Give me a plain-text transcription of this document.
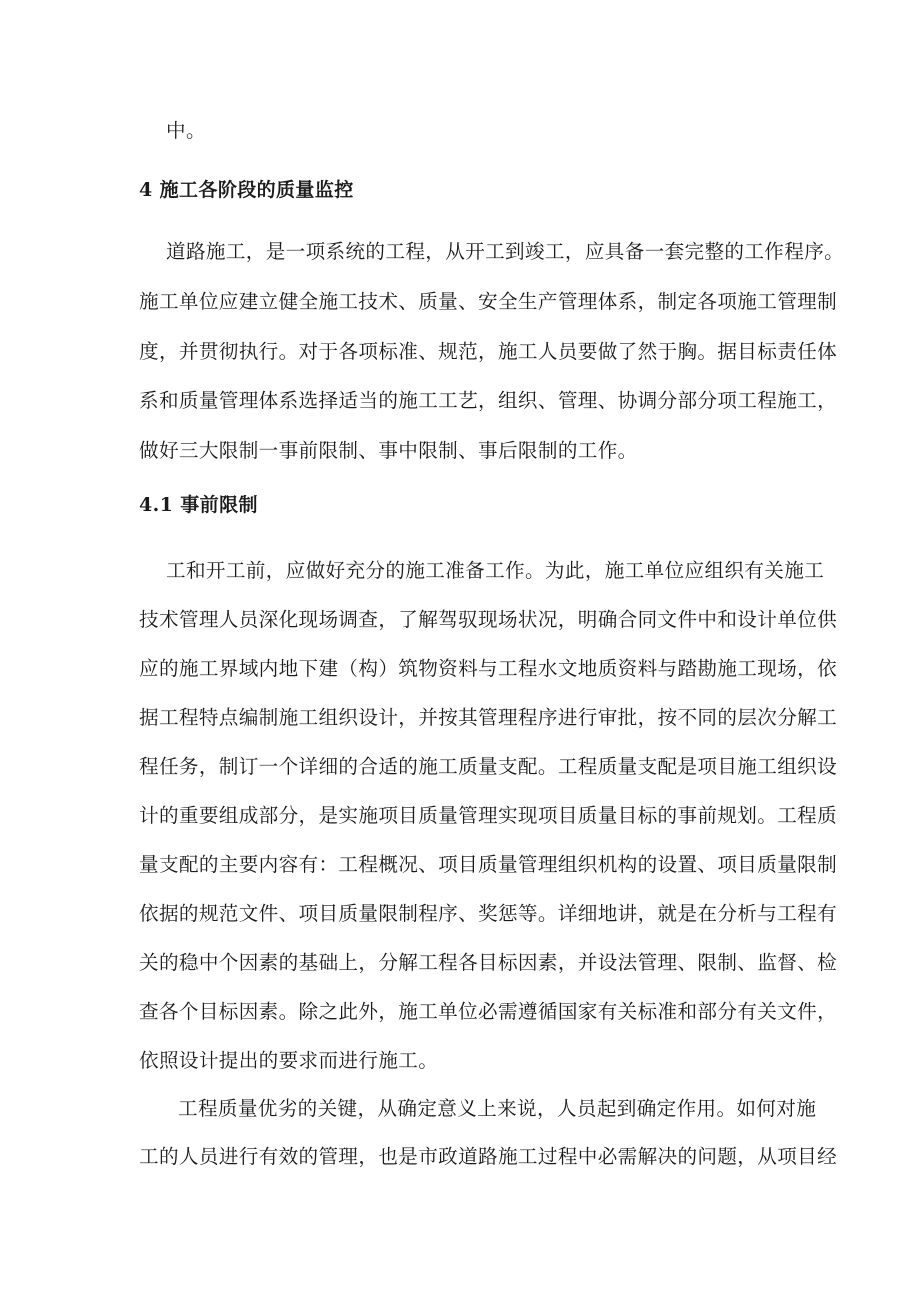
中。
4 施工各阶段的质量监控
道路施工，是一项系统的工程，从开工到竣工，应具备一套完整的工作程序。
施工单位应建立健全施工技术、质量、安全生产管理体系，制定各项施工管理制
度，并贯彻执行。对于各项标准、规范，施工人员要做了然于胸。据目标责任体
系和质量管理体系选择适当的施工工艺，组织、管理、协调分部分项工程施工，
做好三大限制一事前限制、事中限制、事后限制的工作。
4.1 事前限制
工和开工前，应做好充分的施工准备工作。为此，施工单位应组织有关施工
技术管理人员深化现场调查，了解驾驭现场状况，明确合同文件中和设计单位供
应的施工界域内地下建（构）筑物资料与工程水文地质资料与踏勘施工现场，依
据工程特点编制施工组织设计，并按其管理程序进行审批，按不同的层次分解工
程任务，制订一个详细的合适的施工质量支配。工程质量支配是项目施工组织设
计的重要组成部分，是实施项目质量管理实现项目质量目标的事前规划。工程质
量支配的主要内容有：工程概况、项目质量管理组织机构的设置、项目质量限制
依据的规范文件、项目质量限制程序、奖惩等。详细地讲，就是在分析与工程有
关的稳中个因素的基础上，分解工程各目标因素，并设法管理、限制、监督、检
查各个目标因素。除之此外，施工单位必需遵循国家有关标准和部分有关文件，
依照设计提出的要求而进行施工。
工程质量优劣的关键，从确定意义上来说，人员起到确定作用。如何对施
工的人员进行有效的管理，也是市政道路施工过程中必需解决的问题，从项目经
